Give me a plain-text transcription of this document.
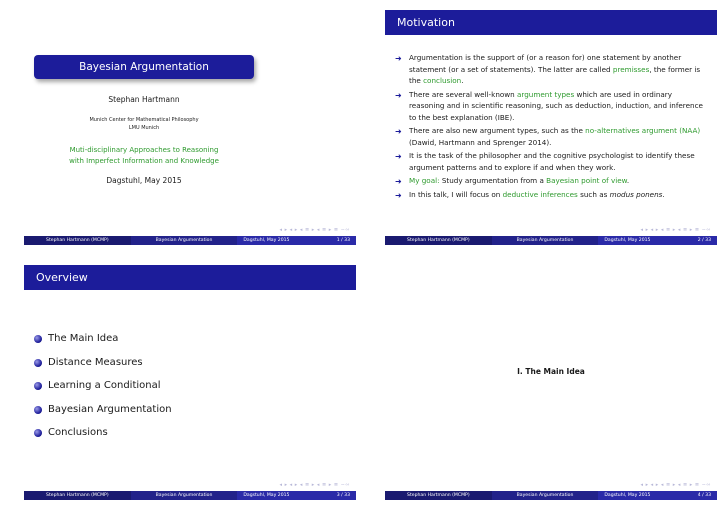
Bayesian Argumentation
Stephan Hartmann
Munich Center for Mathematical Philosophy
LMU Munich
Muti-disciplinary Approaches to Reasoning
with Imperfect Information and Knowledge
Dagstuhl, May 2015
◂ ▸ ◂ ▸ ◂ ≣ ▸ ◂ ≣ ▸ ≣ ∽∾
Stephan Hartmann (MCMP)	Bayesian Argumentation	Dagstuhl, May 2015	1 / 33
Motivation
➜	Argumentation is the support of (or a reason for) one statement by another statement (or a set of statements). The latter are called premisses, the former is the conclusion.
➜	There are several well-known argument types which are used in ordinary reasoning and in scientific reasoning, such as deduction, induction, and inference to the best explanation (IBE).
➜	There are also new argument types, such as the no-alternatives argument (NAA) (Dawid, Hartmann and Sprenger 2014).
➜	It is the task of the philosopher and the cognitive psychologist to identify these argument patterns and to explore if and when they work.
➜	My goal: Study argumentation from a Bayesian point of view.
➜	In this talk, I will focus on deductive inferences such as modus ponens.
◂ ▸ ◂ ▸ ◂ ≣ ▸ ◂ ≣ ▸ ≣ ∽∾
Stephan Hartmann (MCMP)	Bayesian Argumentation	Dagstuhl, May 2015	2 / 33
Overview
The Main Idea
Distance Measures
Learning a Conditional
Bayesian Argumentation
Conclusions
◂ ▸ ◂ ▸ ◂ ≣ ▸ ◂ ≣ ▸ ≣ ∽∾
Stephan Hartmann (MCMP)	Bayesian Argumentation	Dagstuhl, May 2015	3 / 33
I. The Main Idea
◂ ▸ ◂ ▸ ◂ ≣ ▸ ◂ ≣ ▸ ≣ ∽∾
Stephan Hartmann (MCMP)	Bayesian Argumentation	Dagstuhl, May 2015	4 / 33
